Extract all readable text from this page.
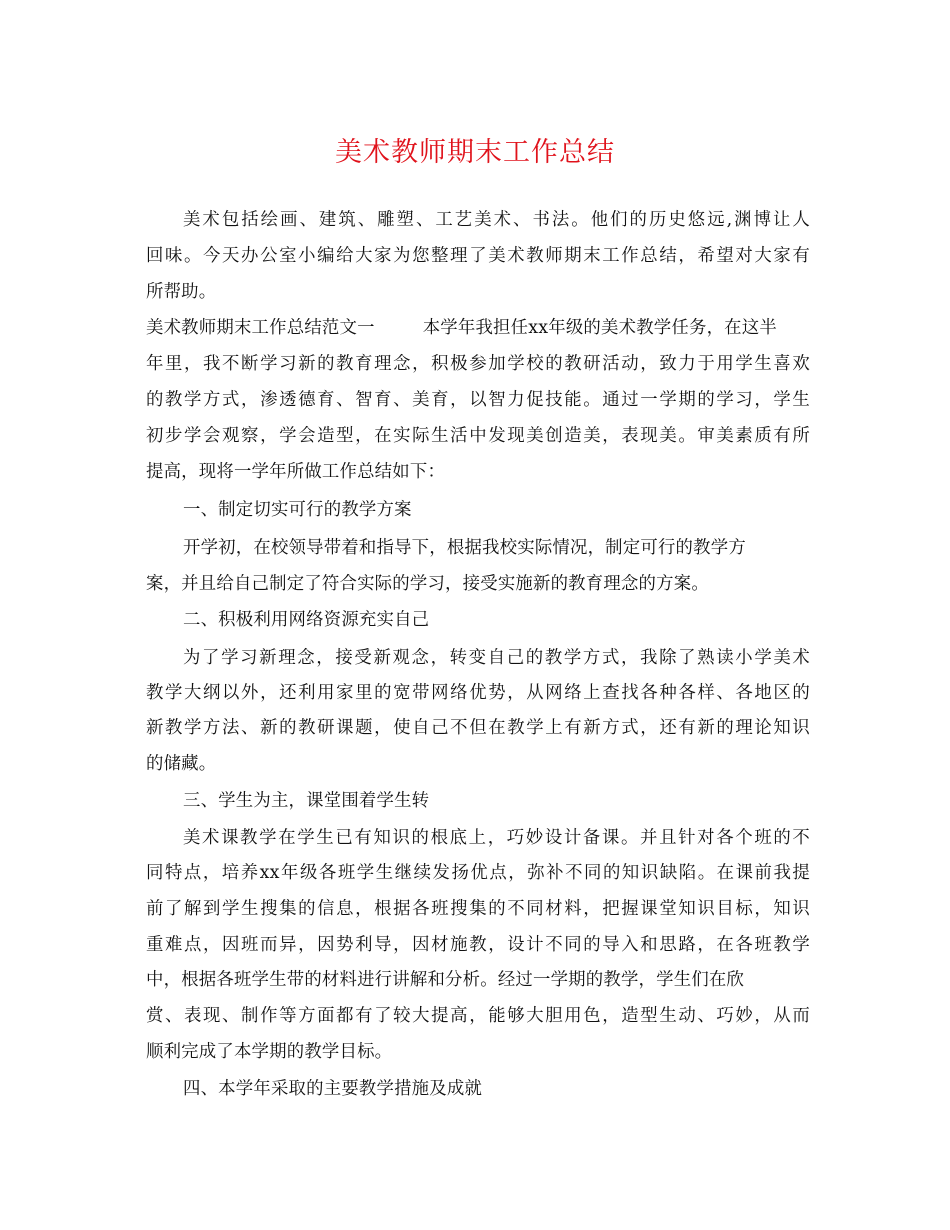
美术教师期末工作总结
美术包括绘画、建筑、雕塑、工艺美术、书法。他们的历史悠远,渊博让人
回味。今天办公室小编给大家为您整理了美术教师期末工作总结，希望对大家有
所帮助。
美术教师期末工作总结范文一	本学年我担任xx年级的美术教学任务，在这半
年里，我不断学习新的教育理念，积极参加学校的教研活动，致力于用学生喜欢
的教学方式，渗透德育、智育、美育，以智力促技能。通过一学期的学习，学生
初步学会观察，学会造型，在实际生活中发现美创造美，表现美。审美素质有所
提高，现将一学年所做工作总结如下：
一、制定切实可行的教学方案
开学初，在校领导带着和指导下，根据我校实际情况，制定可行的教学方
案，并且给自己制定了符合实际的学习，接受实施新的教育理念的方案。
二、积极利用网络资源充实自己
为了学习新理念，接受新观念，转变自己的教学方式，我除了熟读小学美术
教学大纲以外，还利用家里的宽带网络优势，从网络上查找各种各样、各地区的
新教学方法、新的教研课题，使自己不但在教学上有新方式，还有新的理论知识
的储藏。
三、学生为主，课堂围着学生转
美术课教学在学生已有知识的根底上，巧妙设计备课。并且针对各个班的不
同特点，培养xx年级各班学生继续发扬优点，弥补不同的知识缺陷。在课前我提
前了解到学生搜集的信息，根据各班搜集的不同材料，把握课堂知识目标，知识
重难点，因班而异，因势利导，因材施教，设计不同的导入和思路，在各班教学
中，根据各班学生带的材料进行讲解和分析。经过一学期的教学，学生们在欣
赏、表现、制作等方面都有了较大提高，能够大胆用色，造型生动、巧妙，从而
顺利完成了本学期的教学目标。
四、本学年采取的主要教学措施及成就
